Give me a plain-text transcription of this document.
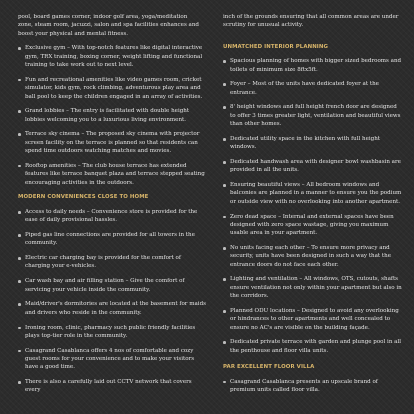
pool, board games corner, indoor golf area, yoga/meditation
zone, steam room, jacuzzi, salon and spa facilities enhances and
boost your physical and mental fitness.

Exclusive gym – With top-notch features like digital interactive gym, TRX training, boxing corner, weight lifting and functional training to take work out to next level.

Fun and recreational amenities like video games room, cricket simulator, kids gym, rock climbing, adventurous play area and ball pool to keep the children engaged in an array of activities.

Grand lobbies – The entry is facilitated with double height lobbies welcoming you to a luxurious living environment.

Terrace sky cinema – The proposed sky cinema with projector screen facility on the terrace is planned so that residents can spend time outdoors watching matches and movies.

Rooftop amenities – The club house terrace has extended features like terrace banquet plaza and terrace stepped seating encouraging activities in the outdoors.

MODERN CONVENIENCES CLOSE TO HOME

Access to daily needs – Convenience store is provided for the ease of daily provisional hassles.

Piped gas line connections are provided for all towers in the community.

Electric car charging bay is provided for the comfort of charging your e-vehicles.

Car wash bay and air filling station – Give the comfort of servicing your vehicle inside the community.

Maid/driver's dormitories are located at the basement for maids and drivers who reside in the community.

Ironing room, clinic, pharmacy such public friendly facilities plays top-tier role in the community.

Casagrand Casablanca offers 4 nos of comfortable and cozy guest rooms for your convenience and to make your visitors have a good time.

There is also a carefully laid out CCTV network that covers every

inch of the grounds ensuring that all common areas are under
scrutiny for unusual activity.

UNMATCHED INTERIOR PLANNING

Spacious planning of homes with bigger sized bedrooms and toilets of minimum size 8ftx5ft.

Foyer – Most of the units have dedicated foyer at the entrance.

8' height windows and full height french door are designed to offer 3 times greater light, ventilation and beautiful views than other homes.

Dedicated utility space in the kitchen with full height windows.

Dedicated handwash area with designer bowl washbasin are provided in all the units.

Ensuring beautiful views – All bedroom windows and balconies are planned in a manner to ensure you the podium or outside view with no overlooking into another apartment.

Zero dead space – Internal and external spaces have been designed with zero space wastage, giving you maximum usable area in your apartment.

No units facing each other – To ensure more privacy and security, units have been designed in such a way that the entrance doors do not face each other.

Lighting and ventilation – All windows, OTS, cutouts, shafts ensure ventilation not only within your apartment but also in the corridors.

Planned ODU locations – Designed to avoid any overlooking or hindrances to other apartments and well concealed to ensure no AC's are visible on the building façade.

Dedicated private terrace with garden and plunge pool in all the penthouse and floor villa units.

PAR EXCELLENT FLOOR VILLA

Casagrand Casablanca presents an upscale brand of premium units called floor villa.
